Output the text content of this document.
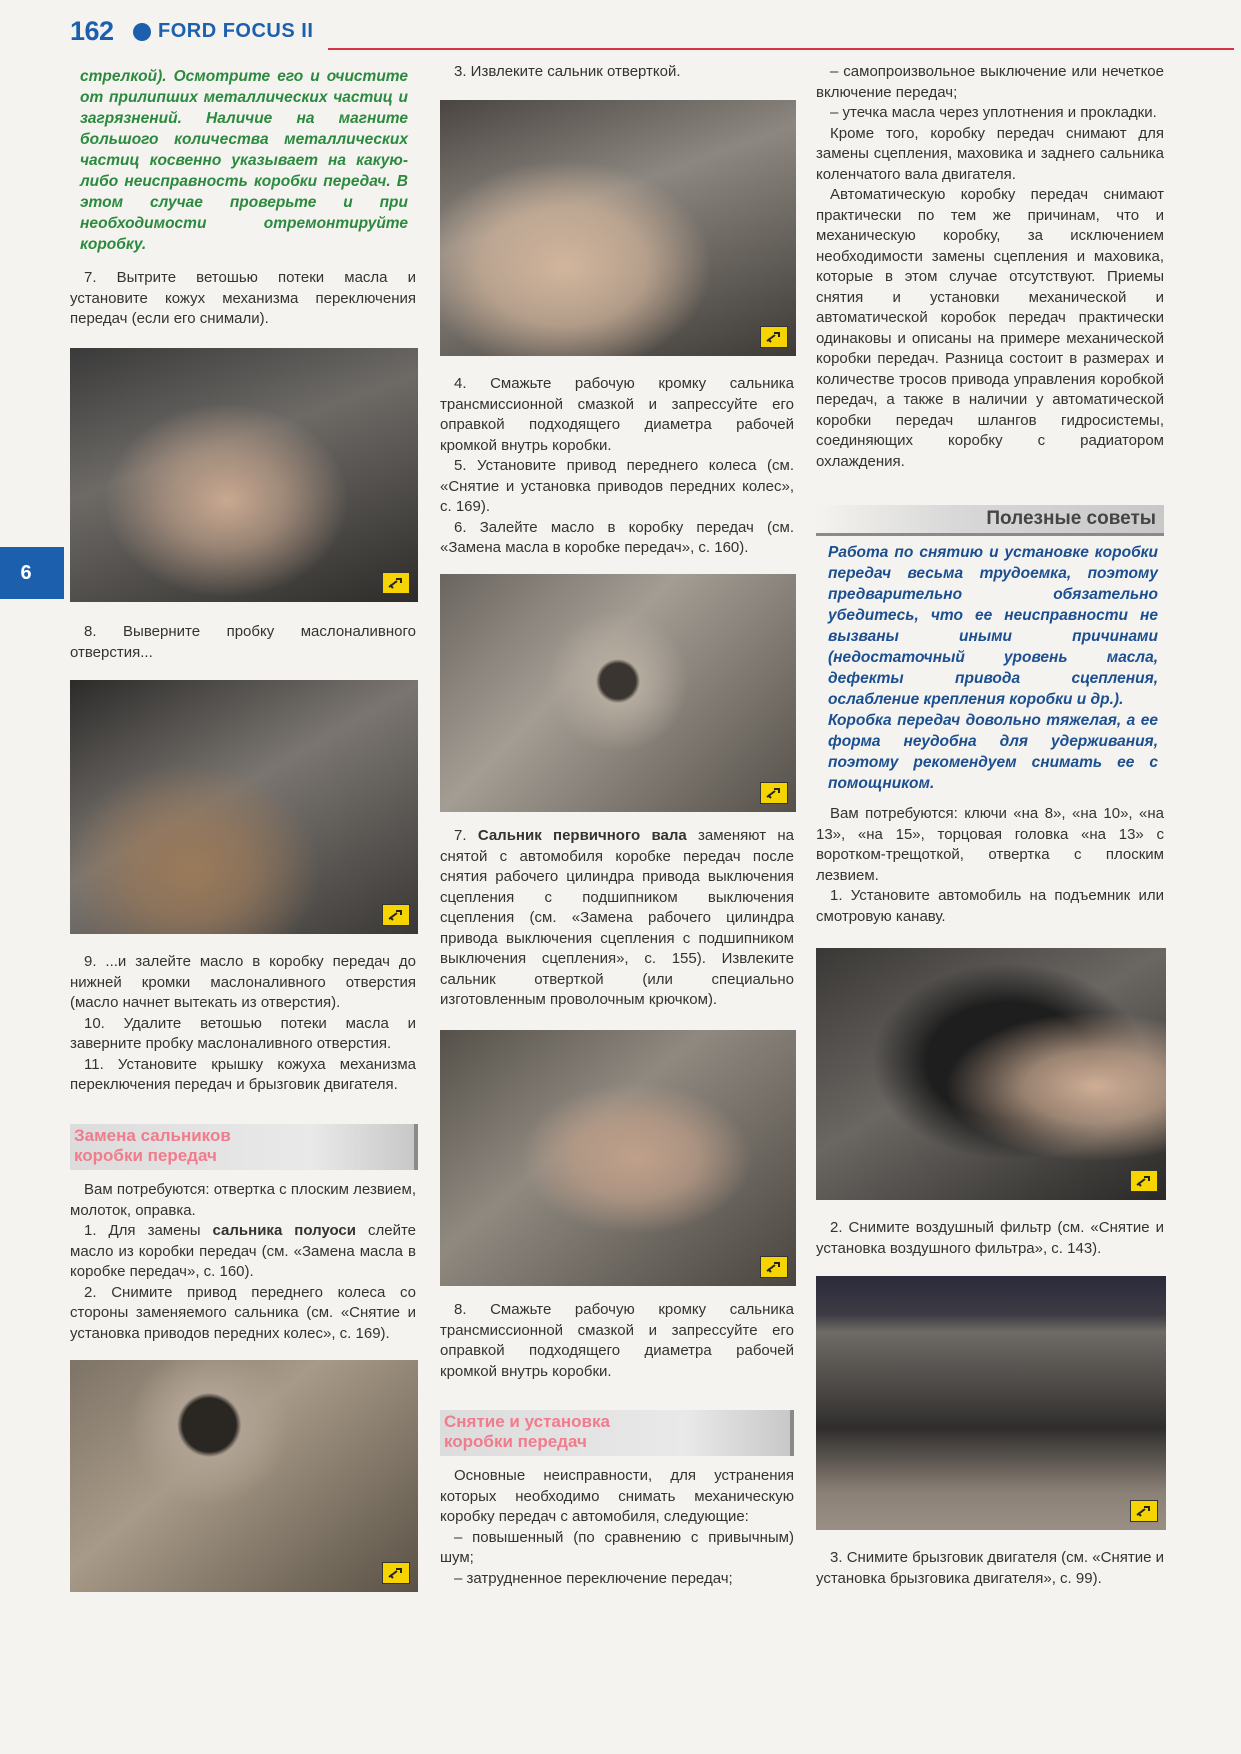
162 FORD FOCUS II
6

стрелкой). Осмотрите его и очистите от прилипших металлических частиц и загрязнений. Наличие на магните большого количества металлических частиц косвенно указывает на какую-либо неисправность коробки передач. В этом случае проверьте и при необходимости отремонтируйте коробку.

7. Вытрите ветошью потеки масла и установите кожух механизма переключения передач (если его снимали).

8. Выверните пробку маслоналивного отверстия...

9. ...и залейте масло в коробку передач до нижней кромки маслоналивного отверстия (масло начнет вытекать из отверстия).

10. Удалите ветошью потеки масла и заверните пробку маслоналивного отверстия.

11. Установите крышку кожуха механизма переключения передач и брызговик двигателя.

Замена сальников
коробки передач

Вам потребуются: отвертка с плоским лезвием, молоток, оправка.

1. Для замены сальника полуоси слейте масло из коробки передач (см. «Замена масла в коробке передач», с. 160).

2. Снимите привод переднего колеса со стороны заменяемого сальника (см. «Снятие и установка приводов передних колес», с. 169).

3. Извлеките сальник отверткой.

4. Смажьте рабочую кромку сальника трансмиссионной смазкой и запрессуйте его оправкой подходящего диаметра рабочей кромкой внутрь коробки.

5. Установите привод переднего колеса (см. «Снятие и установка приводов передних колес», с. 169).

6. Залейте масло в коробку передач (см. «Замена масла в коробке передач», с. 160).

7. Сальник первичного вала заменяют на снятой с автомобиля коробке передач после снятия рабочего цилиндра привода выключения сцепления с подшипником выключения сцепления (см. «Замена рабочего цилиндра привода выключения сцепления с подшипником выключения сцепления», с. 155). Извлеките сальник отверткой (или специально изготовленным проволочным крючком).

8. Смажьте рабочую кромку сальника трансмиссионной смазкой и запрессуйте его оправкой подходящего диаметра рабочей кромкой внутрь коробки.

Снятие и установка
коробки передач

Основные неисправности, для устранения которых необходимо снимать механическую коробку передач с автомобиля, следующие:

– повышенный (по сравнению с привычным) шум;

– затрудненное переключение передач;

– самопроизвольное выключение или нечеткое включение передач;

– утечка масла через уплотнения и прокладки.

Кроме того, коробку передач снимают для замены сцепления, маховика и заднего сальника коленчатого вала двигателя.

Автоматическую коробку передач снимают практически по тем же причинам, что и механическую коробку, за исключением необходимости замены сцепления и маховика, которые в этом случае отсутствуют. Приемы снятия и установки механической и автоматической коробок передач практически одинаковы и описаны на примере механической коробки передач. Разница состоит в размерах и количестве тросов привода управления коробкой передач, а также в наличии у автоматической коробки передач шлангов гидросистемы, соединяющих коробку с радиатором охлаждения.

Полезные советы

Работа по снятию и установке коробки передач весьма трудоемка, поэтому предварительно обязательно убедитесь, что ее неисправности не вызваны иными причинами (недостаточный уровень масла, дефекты привода сцепления, ослабление крепления коробки и др.).

Коробка передач довольно тяжелая, а ее форма неудобна для удерживания, поэтому рекомендуем снимать ее с помощником.

Вам потребуются: ключи «на 8», «на 10», «на 13», «на 15», торцовая головка «на 13» с воротком-трещоткой, отвертка с плоским лезвием.

1. Установите автомобиль на подъемник или смотровую канаву.

2. Снимите воздушный фильтр (см. «Снятие и установка воздушного фильтра», с. 143).

3. Снимите брызговик двигателя (см. «Снятие и установка брызговика двигателя», с. 99).
